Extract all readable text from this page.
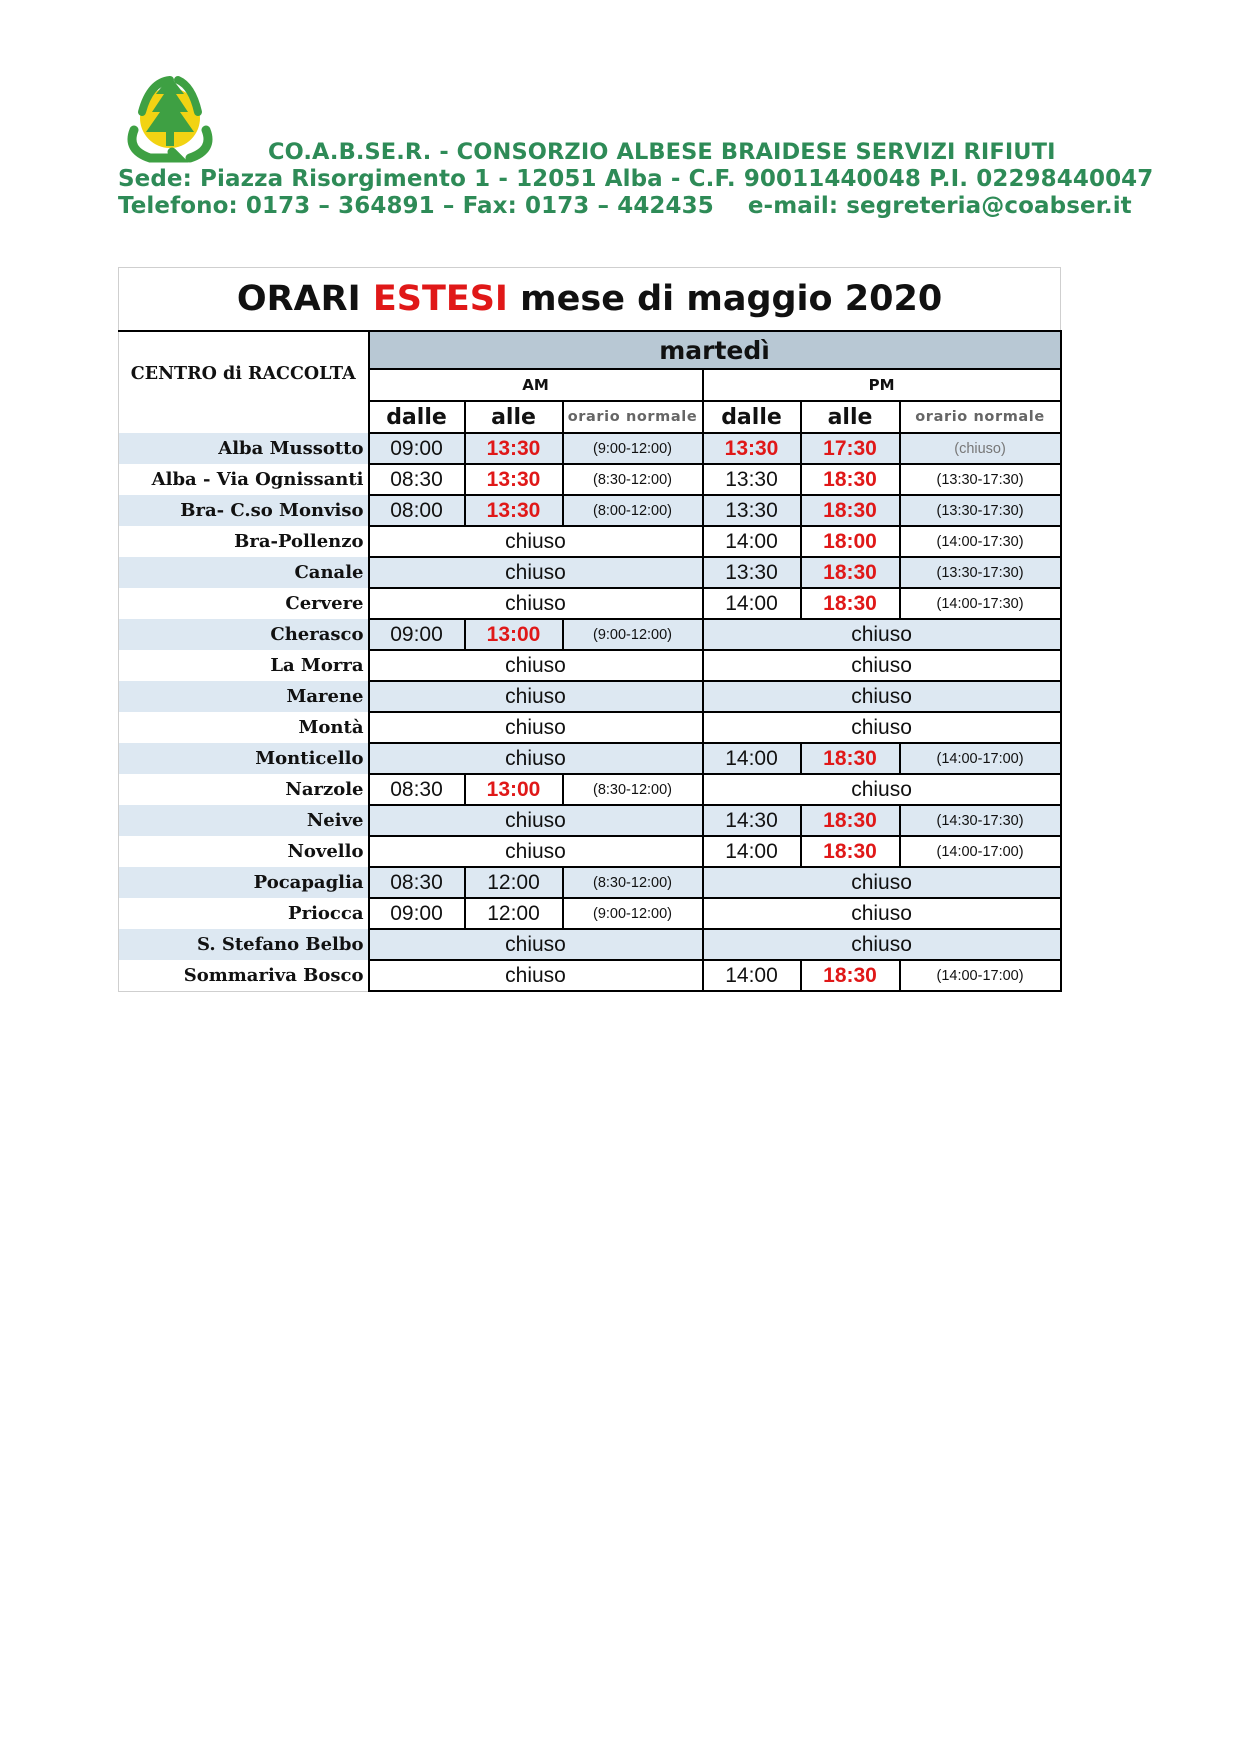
CO.A.B.SE.R. - CONSORZIO ALBESE BRAIDESE SERVIZI RIFIUTI
Sede: Piazza Risorgimento 1 - 12051 Alba - C.F. 90011440048 P.I. 02298440047
Telefono: 0173 – 364891 – Fax: 0173 – 442435 e-mail: segreteria@coabser.it
ORARI ESTESI mese di maggio 2020						
CENTRO di RACCOLTA	martedì					
	AM			PM		
	dalle	alle	orario normale	dalle	alle	orario normale
Alba Mussotto	09:00	13:30	(9:00-12:00)	13:30	17:30	(chiuso)
Alba - Via Ognissanti	08:30	13:30	(8:30-12:00)	13:30	18:30	(13:30-17:30)
Bra- C.so Monviso	08:00	13:30	(8:00-12:00)	13:30	18:30	(13:30-17:30)
Bra-Pollenzo	chiuso			14:00	18:00	(14:00-17:30)
Canale	chiuso			13:30	18:30	(13:30-17:30)
Cervere	chiuso			14:00	18:30	(14:00-17:30)
Cherasco	09:00	13:00	(9:00-12:00)	chiuso		
La Morra	chiuso			chiuso		
Marene	chiuso			chiuso		
Montà	chiuso			chiuso		
Monticello	chiuso			14:00	18:30	(14:00-17:00)
Narzole	08:30	13:00	(8:30-12:00)	chiuso		
Neive	chiuso			14:30	18:30	(14:30-17:30)
Novello	chiuso			14:00	18:30	(14:00-17:00)
Pocapaglia	08:30	12:00	(8:30-12:00)	chiuso		
Priocca	09:00	12:00	(9:00-12:00)	chiuso		
S. Stefano Belbo	chiuso			chiuso		
Sommariva Bosco	chiuso			14:00	18:30	(14:00-17:00)
